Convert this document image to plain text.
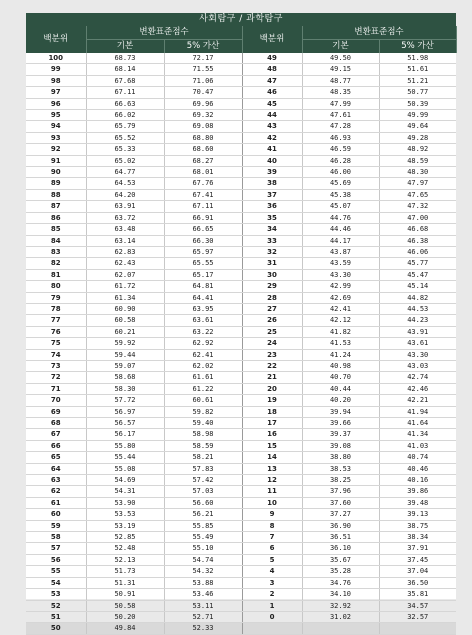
사회탐구 / 과학탐구					
백분위	변환표준점수		백분위	변환표준점수	
	기본	5% 가산		기본	5% 가산
100	68.73	72.17	49	49.50	51.98
99	68.14	71.55	48	49.15	51.61
98	67.68	71.06	47	48.77	51.21
97	67.11	70.47	46	48.35	50.77
96	66.63	69.96	45	47.99	50.39
95	66.02	69.32	44	47.61	49.99
94	65.79	69.08	43	47.28	49.64
93	65.52	68.80	42	46.93	49.28
92	65.33	68.60	41	46.59	48.92
91	65.02	68.27	40	46.28	48.59
90	64.77	68.01	39	46.00	48.30
89	64.53	67.76	38	45.69	47.97
88	64.20	67.41	37	45.38	47.65
87	63.91	67.11	36	45.07	47.32
86	63.72	66.91	35	44.76	47.00
85	63.48	66.65	34	44.46	46.68
84	63.14	66.30	33	44.17	46.38
83	62.83	65.97	32	43.87	46.06
82	62.43	65.55	31	43.59	45.77
81	62.07	65.17	30	43.30	45.47
80	61.72	64.81	29	42.99	45.14
79	61.34	64.41	28	42.69	44.82
78	60.90	63.95	27	42.41	44.53
77	60.58	63.61	26	42.12	44.23
76	60.21	63.22	25	41.82	43.91
75	59.92	62.92	24	41.53	43.61
74	59.44	62.41	23	41.24	43.30
73	59.07	62.02	22	40.98	43.03
72	58.68	61.61	21	40.70	42.74
71	58.30	61.22	20	40.44	42.46
70	57.72	60.61	19	40.20	42.21
69	56.97	59.82	18	39.94	41.94
68	56.57	59.40	17	39.66	41.64
67	56.17	58.98	16	39.37	41.34
66	55.80	58.59	15	39.08	41.03
65	55.44	58.21	14	38.80	40.74
64	55.08	57.83	13	38.53	40.46
63	54.69	57.42	12	38.25	40.16
62	54.31	57.03	11	37.96	39.86
61	53.90	56.60	10	37.60	39.48
60	53.53	56.21	9	37.27	39.13
59	53.19	55.85	8	36.90	38.75
58	52.85	55.49	7	36.51	38.34
57	52.48	55.10	6	36.10	37.91
56	52.13	54.74	5	35.67	37.45
55	51.73	54.32	4	35.28	37.04
54	51.31	53.88	3	34.76	36.50
53	50.91	53.46	2	34.10	35.81
52	50.58	53.11	1	32.92	34.57
51	50.20	52.71	0	31.02	32.57
50	49.84	52.33			
